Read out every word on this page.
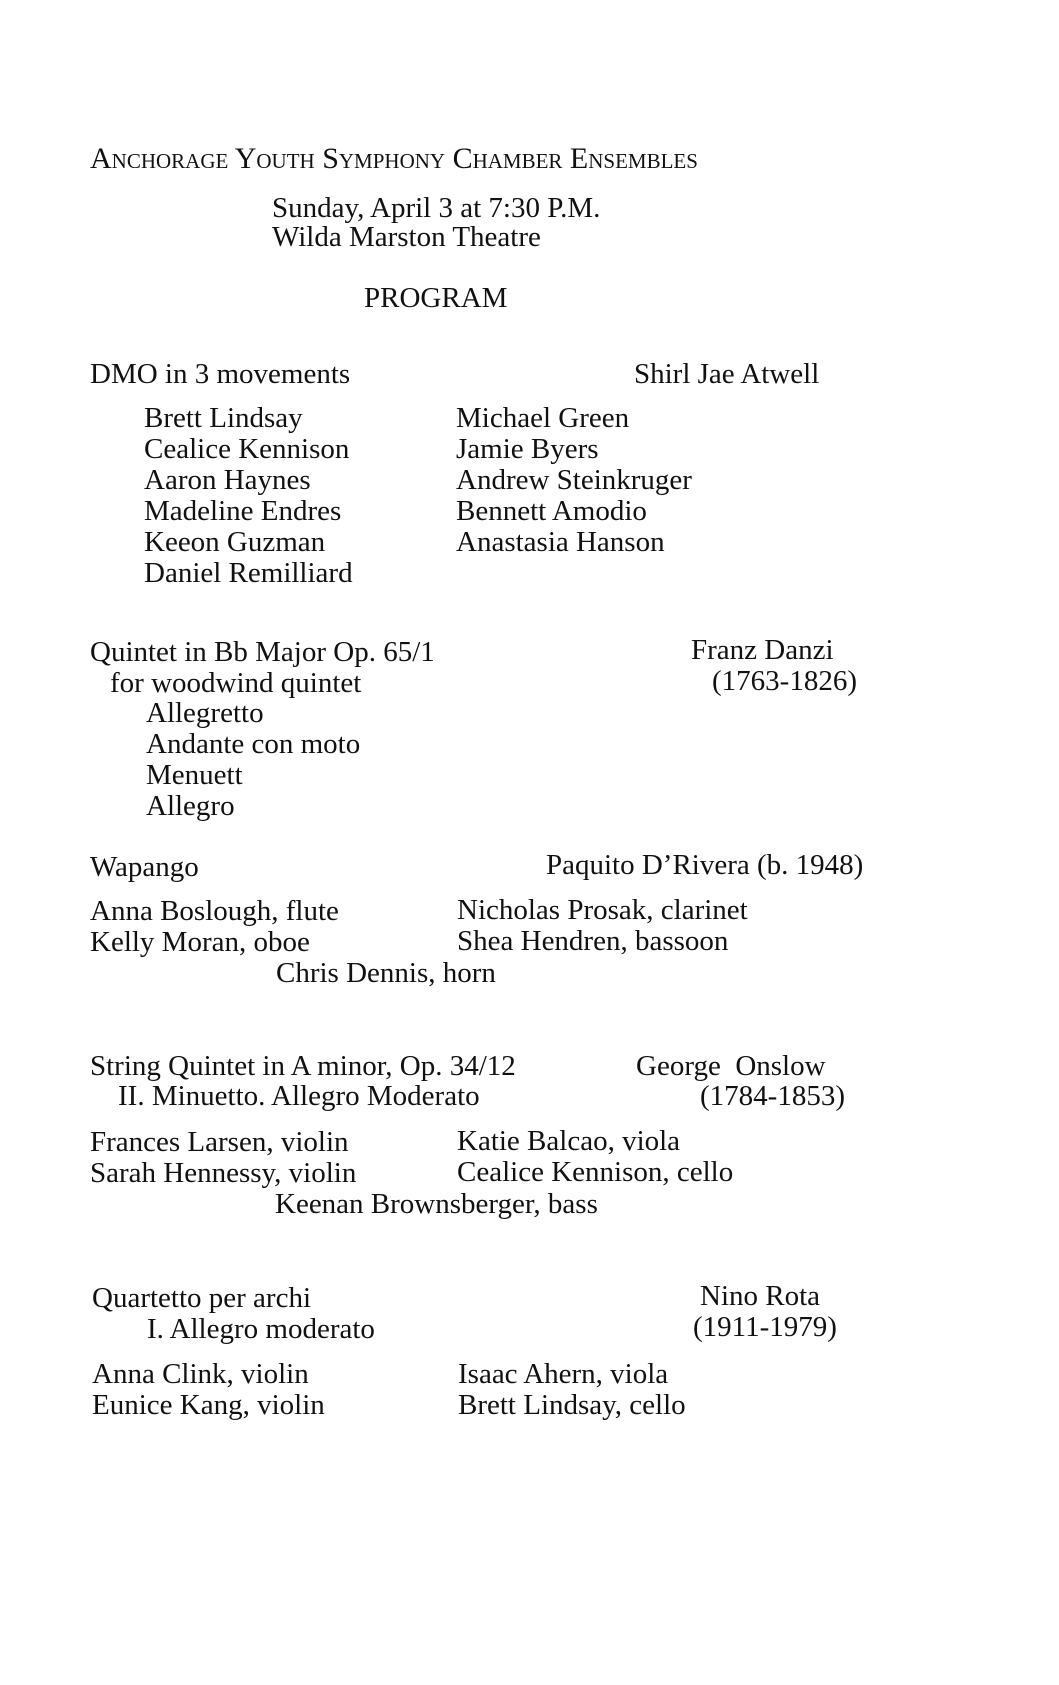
Anchorage Youth Symphony Chamber Ensembles
Sunday, April 3 at 7:30 P.M.
Wilda Marston Theatre
PROGRAM
DMO in 3 movements	Shirl Jae Atwell
Brett Lindsay
Cealice Kennison
Aaron Haynes
Madeline Endres
Keeon Guzman
Daniel Remilliard
Michael Green
Jamie Byers
Andrew Steinkruger
Bennett Amodio
Anastasia Hanson
Quintet in Bb Major Op. 65/1
for woodwind quintet
Allegretto
Andante con moto
Menuett
Allegro
Franz Danzi
(1763-1826)
Wapango	Paquito D’Rivera (b. 1948)
Anna Boslough, flute
Kelly Moran, oboe
Nicholas Prosak, clarinet
Shea Hendren, bassoon
Chris Dennis, horn
String Quintet in A minor, Op. 34/12
II. Minuetto. Allegro Moderato
George  Onslow
(1784-1853)
Frances Larsen, violin
Sarah Hennessy, violin
Katie Balcao, viola
Cealice Kennison, cello
Keenan Brownsberger, bass
Quartetto per archi
I. Allegro moderato
Nino Rota
(1911-1979)
Anna Clink, violin
Eunice Kang, violin
Isaac Ahern, viola
Brett Lindsay, cello
